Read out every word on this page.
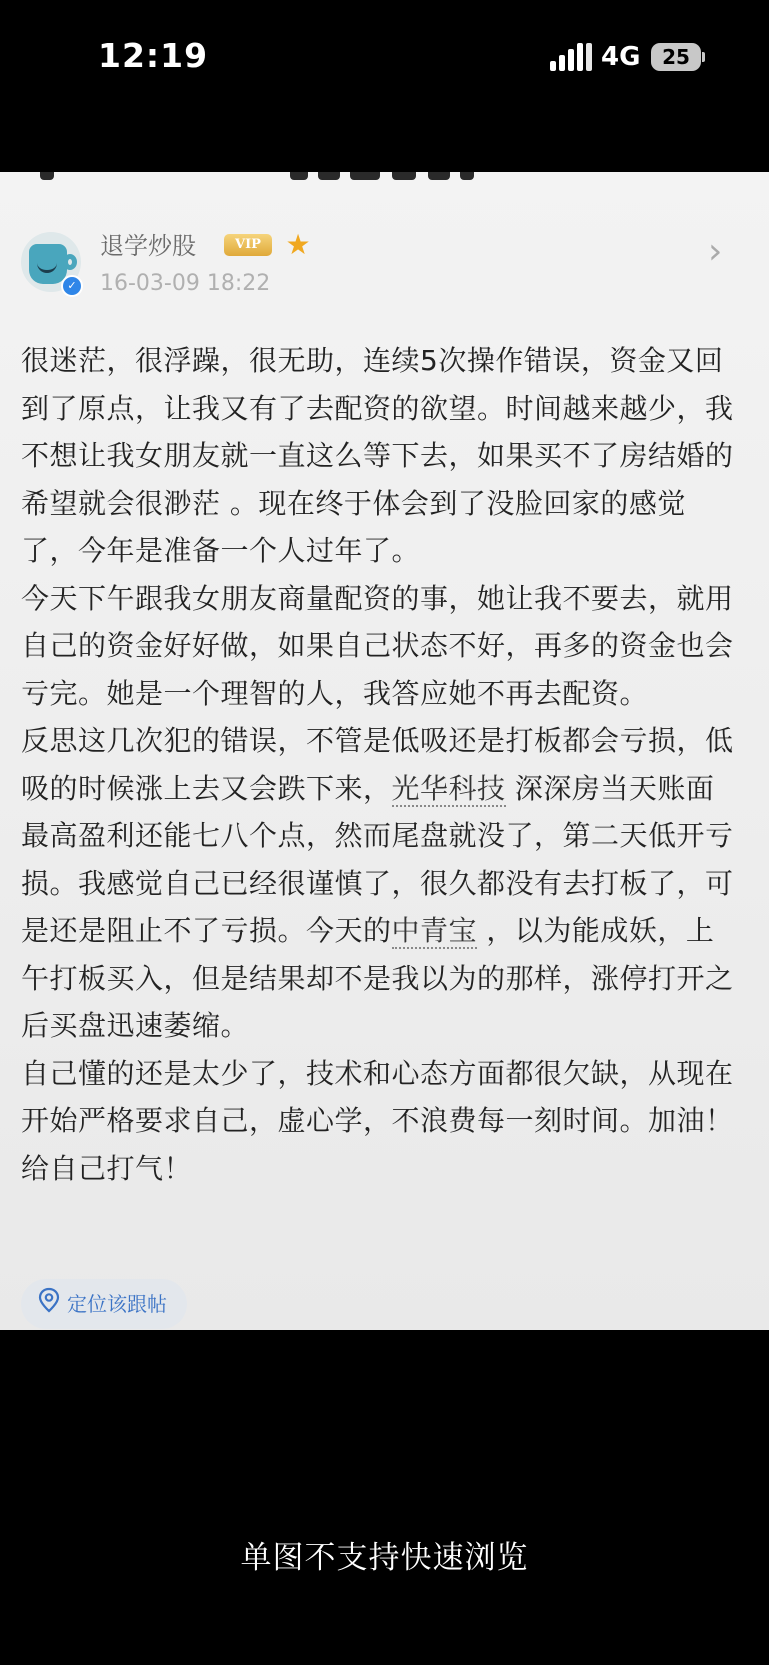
12:19	4G	25
✓
退学炒股	VIP ★
16-03-09 18:22
›

很迷茫，很浮躁，很无助，连续5次操作错误，资金又回到了原点，让我又有了去配资的欲望。时间越来越少，我不想让我女朋友就一直这么等下去，如果买不了房结婚的希望就会很渺茫 。现在终于体会到了没脸回家的感觉了，今年是准备一个人过年了。

今天下午跟我女朋友商量配资的事，她让我不要去，就用自己的资金好好做，如果自己状态不好，再多的资金也会亏完。她是一个理智的人，我答应她不再去配资。

反思这几次犯的错误，不管是低吸还是打板都会亏损，低吸的时候涨上去又会跌下来，光华科技 深深房当天账面最高盈利还能七八个点，然而尾盘就没了，第二天低开亏损。我感觉自己已经很谨慎了，很久都没有去打板了，可是还是阻止不了亏损。今天的中青宝 ，以为能成妖，上午打板买入，但是结果却不是我以为的那样，涨停打开之后买盘迅速萎缩。

自己懂的还是太少了，技术和心态方面都很欠缺，从现在开始严格要求自己，虚心学，不浪费每一刻时间。加油！给自己打气！

定位该跟帖
单图不支持快速浏览
